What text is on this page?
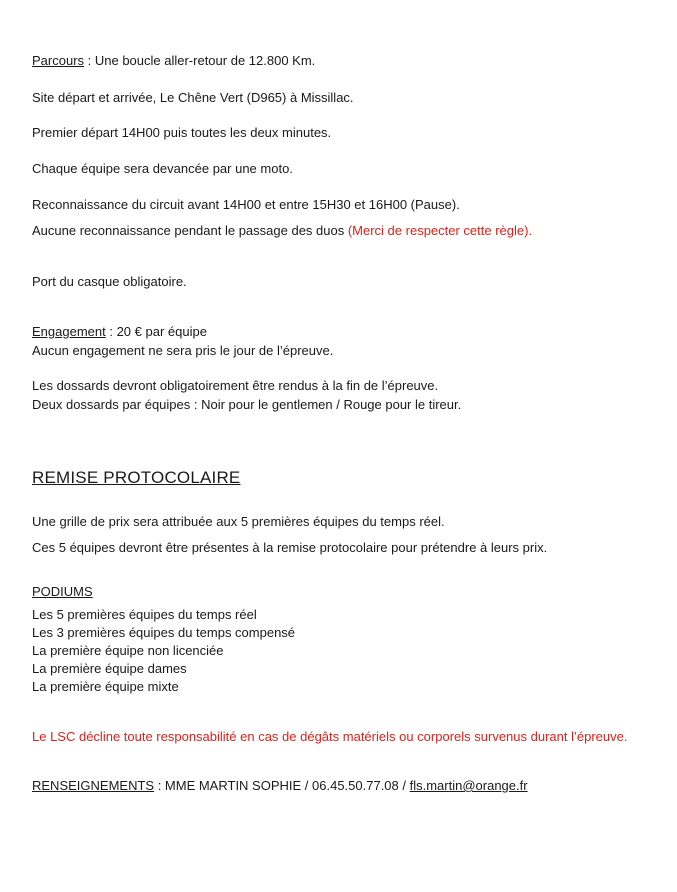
Parcours : Une boucle aller-retour de 12.800 Km.
Site départ et arrivée, Le Chêne Vert (D965) à Missillac.
Premier départ 14H00 puis toutes les deux minutes.
Chaque équipe sera devancée par une moto.
Reconnaissance du circuit avant 14H00 et entre 15H30 et 16H00 (Pause).
Aucune reconnaissance pendant le passage des duos (Merci de respecter cette règle).
Port du casque obligatoire.
Engagement : 20 € par équipe
Aucun engagement ne sera pris le jour de l’épreuve.
Les dossards devront obligatoirement être rendus à la fin de l’épreuve.
Deux dossards par équipes : Noir pour le gentlemen / Rouge pour le tireur.
REMISE PROTOCOLAIRE
Une grille de prix sera attribuée aux 5 premières équipes du temps réel.
Ces 5 équipes devront être présentes à la remise protocolaire pour prétendre à leurs prix.
PODIUMS
Les 5 premières équipes du temps réel
Les 3 premières équipes du temps compensé
La première équipe non licenciée
La première équipe dames
La première équipe mixte
Le LSC décline toute responsabilité en cas de dégâts matériels ou corporels survenus durant l’épreuve.
RENSEIGNEMENTS : MME MARTIN SOPHIE / 06.45.50.77.08 / fls.martin@orange.fr
